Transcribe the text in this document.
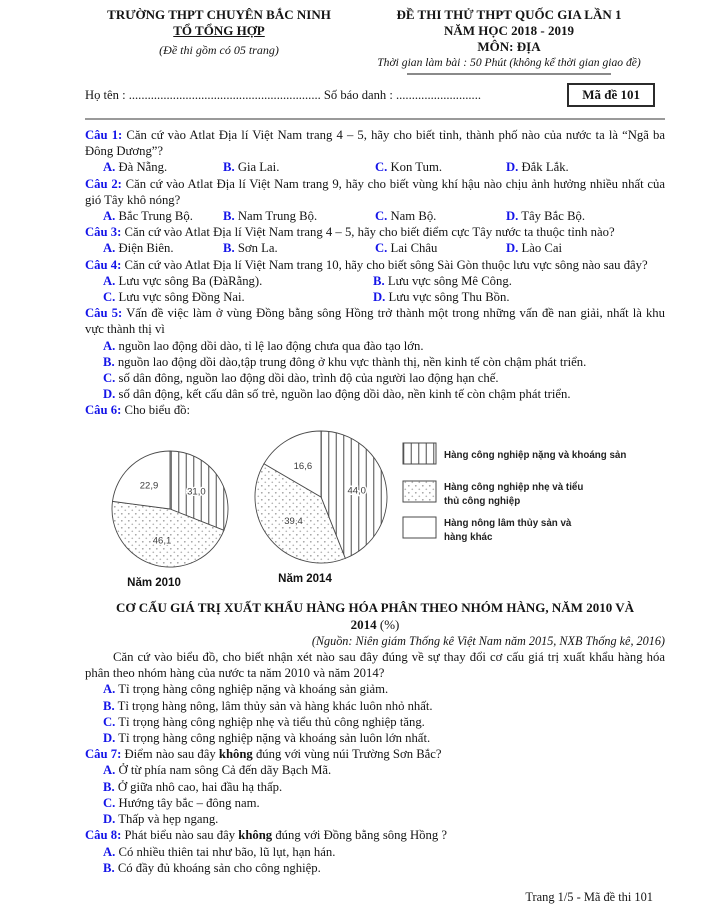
TRƯỜNG THPT CHUYÊN BẮC NINH
TỔ TỔNG HỢP
(Đề thi gồm có 05 trang)
ĐỀ THI THỬ THPT QUỐC GIA LẦN 1
NĂM HỌC 2018 - 2019
MÔN: ĐỊA
Thời gian làm bài : 50 Phút (không kể thời gian giao đề)
Họ tên : ............................................................. Số báo danh : ...........................	Mã đề 101

Câu 1: Căn cứ vào Atlat Địa lí Việt Nam trang 4 – 5, hãy cho biết tỉnh, thành phố nào của nước ta là “Ngã ba Đông Dương”?

A. Đà Nẵng.	B. Gia Lai.	C. Kon Tum.	D. Đắk Lắk.

Câu 2: Căn cứ vào Atlat Địa lí Việt Nam trang 9, hãy cho biết vùng khí hậu nào chịu ảnh hưởng nhiều nhất của gió Tây khô nóng?

A. Bắc Trung Bộ.	B. Nam Trung Bộ.	C. Nam Bộ.	D. Tây Bắc Bộ.

Câu 3: Căn cứ vào Atlat Địa lí Việt Nam trang 4 – 5, hãy cho biết điểm cực Tây nước ta thuộc tỉnh nào?

A. Điện Biên.	B. Sơn La.	C. Lai Châu	D. Lào Cai

Câu 4: Căn cứ vào Atlat Địa lí Việt Nam trang 10, hãy cho biết sông Sài Gòn thuộc lưu vực sông nào sau đây?

A. Lưu vực sông Ba (ĐàRằng).	B. Lưu vực sông Mê Công.
C. Lưu vực sông Đồng Nai.	D. Lưu vực sông Thu Bồn.

Câu 5: Vấn đề việc làm ở vùng Đồng bằng sông Hồng trở thành một trong những vấn đề nan giải, nhất là khu vực thành thị vì

A. nguồn lao động dồi dào, tỉ lệ lao động chưa qua đào tạo lớn.
B. nguồn lao động dồi dào,tập trung đông ở khu vực thành thị, nền kinh tế còn chậm phát triển.
C. số dân đông, nguồn lao động dồi dào, trình độ của người lao động hạn chế.
D. số dân động, kết cấu dân số trẻ, nguồn lao động dồi dào, nền kinh tế còn chậm phát triển.

Câu 6: Cho biểu đồ:

31,0
46,1
22,9
Năm 2010
44,0
39,4
16,6
Năm 2014
Hàng công nghiệp nặng và khoáng sản
Hàng công nghiệp nhẹ và tiểu
thủ công nghiệp
Hàng nông lâm thủy sản và
hàng khác

CƠ CẤU GIÁ TRỊ XUẤT KHẨU HÀNG HÓA PHÂN THEO NHÓM HÀNG, NĂM 2010 VÀ
2014 (%)

(Nguồn: Niên giám Thống kê Việt Nam năm 2015, NXB Thống kê, 2016)

Căn cứ vào biểu đồ, cho biết nhận xét nào sau đây đúng về sự thay đổi cơ cấu giá trị xuất khẩu hàng hóa phân theo nhóm hàng của nước ta năm 2010 và năm 2014?

A. Tỉ trọng hàng công nghiệp nặng và khoáng sản giảm.
B. Tỉ trọng hàng nông, lâm thủy sản và hàng khác luôn nhỏ nhất.
C. Tỉ trọng hàng công nghiệp nhẹ và tiểu thủ công nghiệp tăng.
D. Tỉ trọng hàng công nghiệp nặng và khoáng sản luôn lớn nhất.

Câu 7: Điểm nào sau đây không đúng với vùng núi Trường Sơn Bắc?

A. Ở từ phía nam sông Cả đến dãy Bạch Mã.
B. Ở giữa nhô cao, hai đầu hạ thấp.
C. Hướng tây bắc – đông nam.
D. Thấp và hẹp ngang.

Câu 8: Phát biểu nào sau đây không đúng với Đồng bằng sông Hồng ?

A. Có nhiều thiên tai như bão, lũ lụt, hạn hán.
B. Có đầy đủ khoáng sản cho công nghiệp.
Trang 1/5 - Mã đề thi 101
